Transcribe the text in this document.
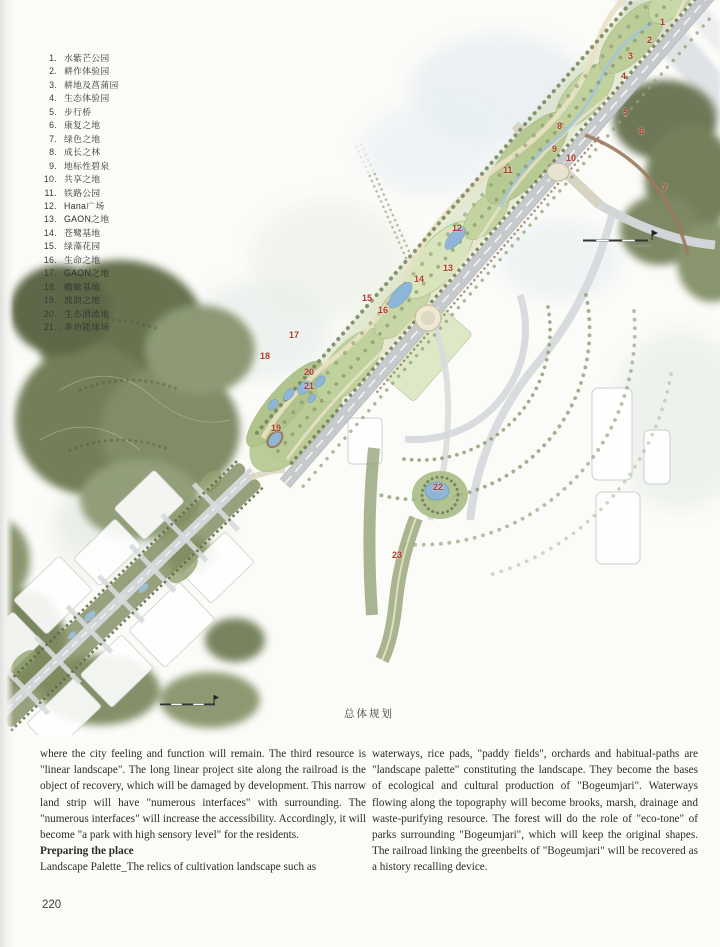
1. 水紫芒公园
2. 耕作体验园
3. 耕地及菖蒲园
4. 生态体验园
5. 步行桥
6. 康复之地
7. 绿色之地
8. 成长之林
9. 地标性碧泉
10. 共享之地
11. 铁路公园
12. Hana广场
13. GAON之地
14. 苍鹭基地
15. 绿藻花园
16. 生命之地
17. GAON之地
18. 蟾蜍基地
19. 波浪之地
20. 生态潜流地
21. 多功能球场
1
2
3
4
5
6
7
8
9
10
11
12
13
14
15
16
17
18
19
20
21
22
23
总体规划

where the city feeling and function will remain. The third resource is "linear landscape". The long linear project site along the railroad is the object of recovery, which will be damaged by development. This narrow land strip will have "numerous interfaces" with surrounding. The "numerous interfaces" will increase the accessibility. Accordingly, it will become "a park with high sensory level" for the residents.

Preparing the place

Landscape Palette_The relics of cultivation landscape such as

waterways, rice pads, "paddy fields", orchards and habitual-paths are "landscape palette" constituting the landscape. They become the bases of ecological and cultural production of "Bogeumjari". Waterways flowing along the topography will become brooks, marsh, drainage and waste-purifying resource. The forest will do the role of "eco-tone" of parks surrounding "Bogeumjari", which will keep the original shapes. The railroad linking the greenbelts of "Bogeumjari" will be recovered as a history recalling device.

220
